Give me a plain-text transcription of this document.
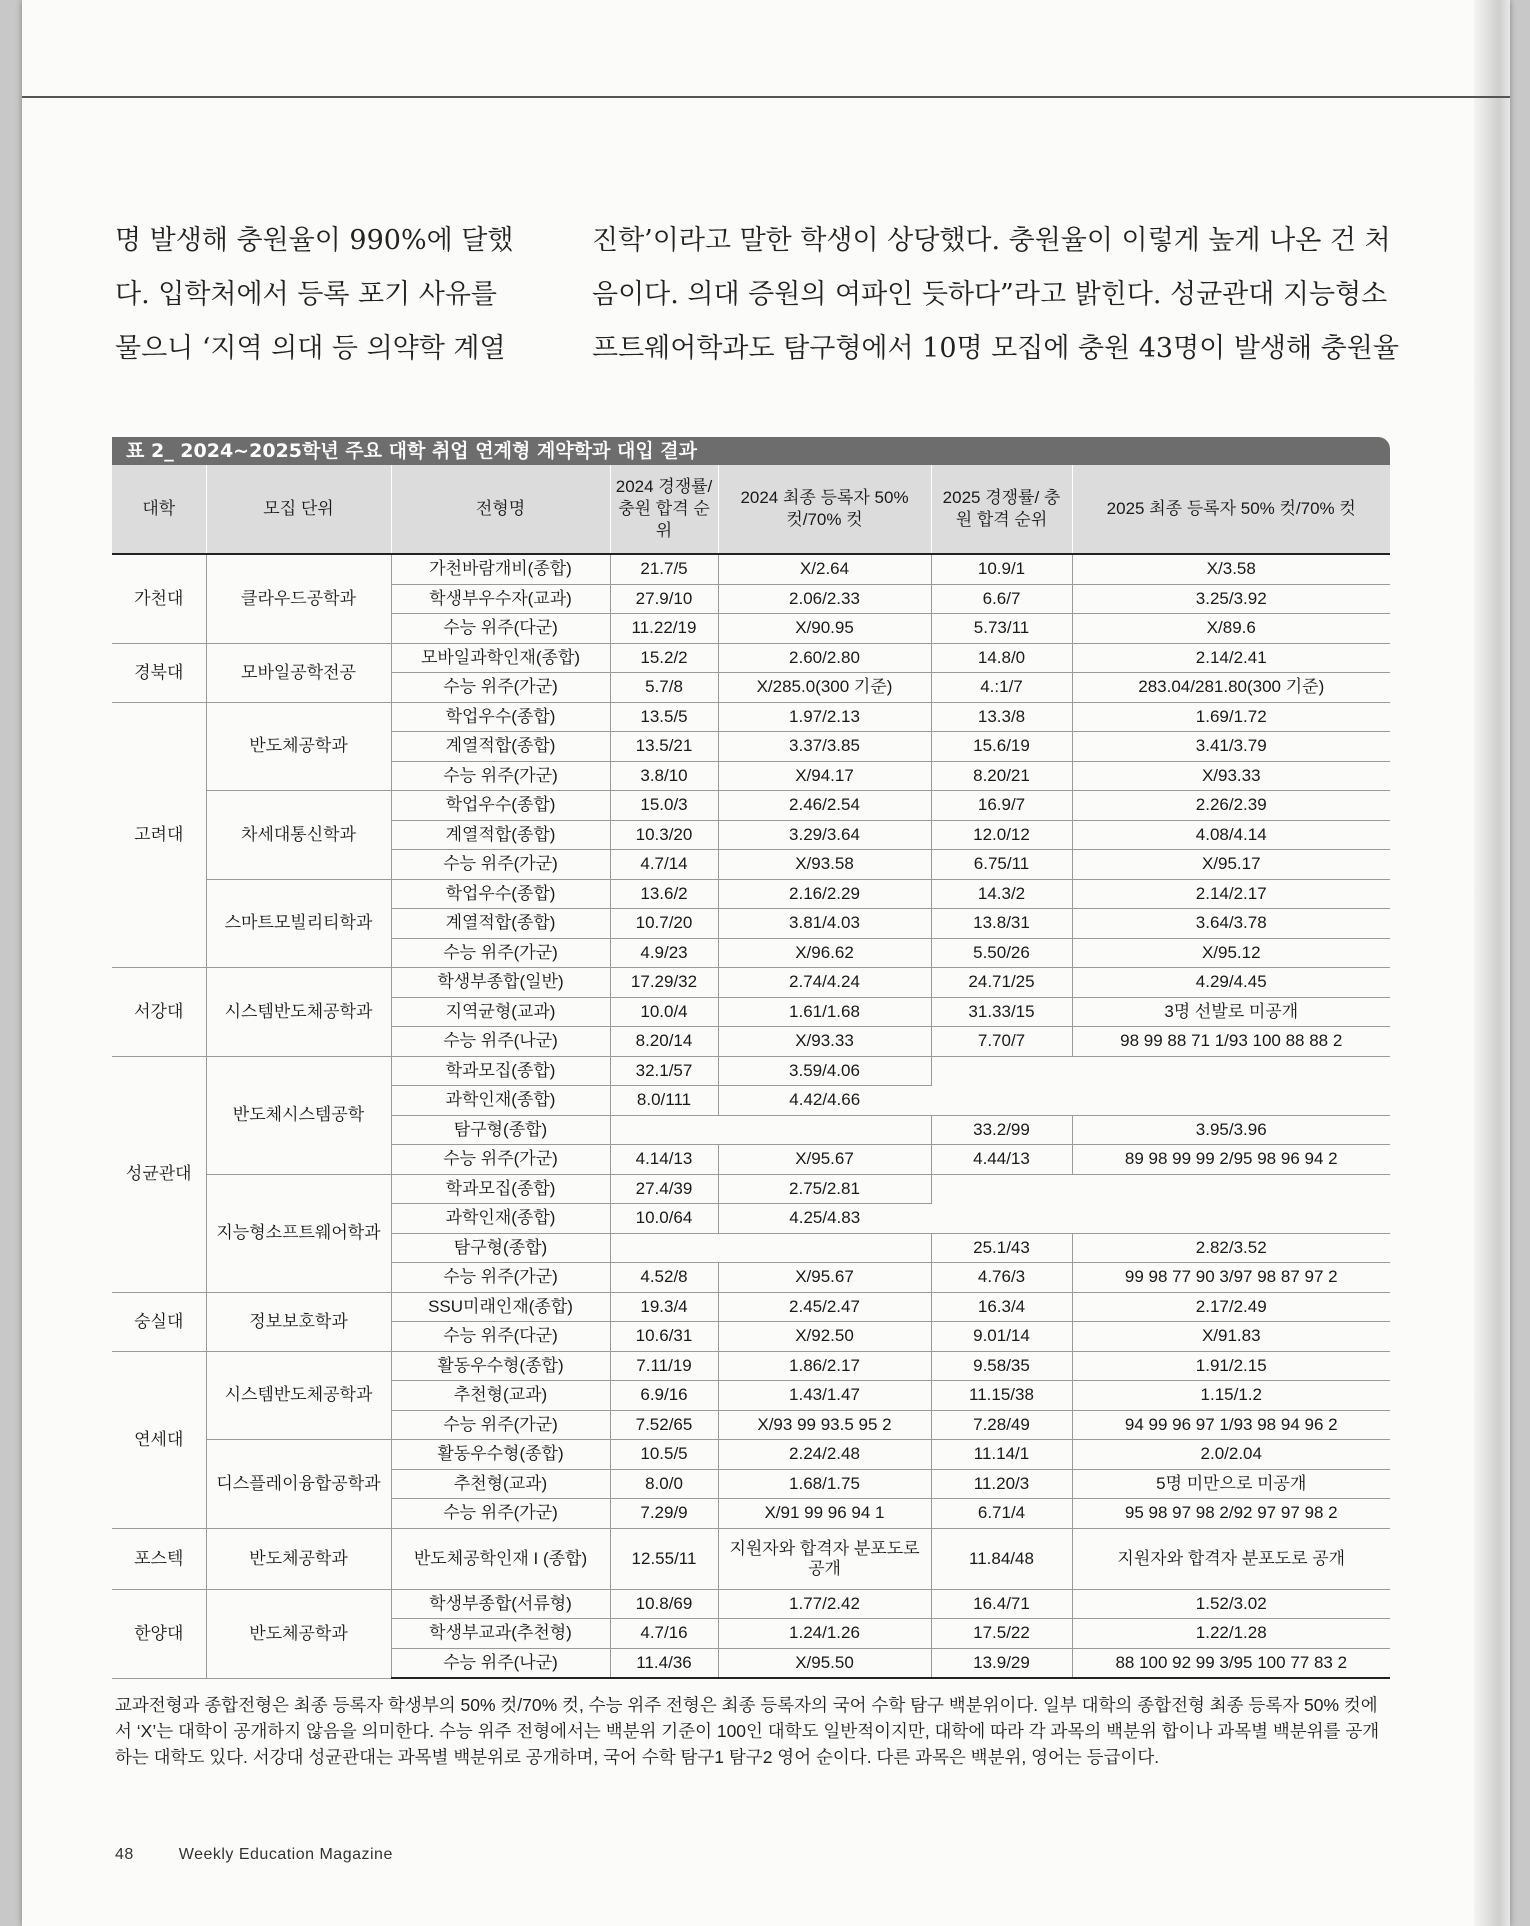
명 발생해 충원율이 990%에 달했
다. 입학처에서 등록 포기 사유를
물으니 ‘지역 의대 등 의약학 계열
진학’이라고 말한 학생이 상당했다. 충원율이 이렇게 높게 나온 건 처
음이다. 의대 증원의 여파인 듯하다”라고 밝힌다. 성균관대 지능형소
프트웨어학과도 탐구형에서 10명 모집에 충원 43명이 발생해 충원율
표 2_ 2024~2025학년 주요 대학 취업 연계형 계약학과 대입 결과
대학	모집 단위	전형명	2024 경쟁률/충원 합격 순위	2024 최종 등록자 50% 컷/70% 컷	2025 경쟁률/ 충원 합격 순위	2025 최종 등록자 50% 컷/70% 컷
가천대	클라우드공학과	가천바람개비(종합)	21.7/5	X/2.64	10.9/1	X/3.58
		학생부우수자(교과)	27.9/10	2.06/2.33	6.6/7	3.25/3.92
		수능 위주(다군)	11.22/19	X/90.95	5.73/11	X/89.6
경북대	모바일공학전공	모바일과학인재(종합)	15.2/2	2.60/2.80	14.8/0	2.14/2.41
		수능 위주(가군)	5.7/8	X/285.0(300 기준)	4.:1/7	283.04/281.80(300 기준)
고려대	반도체공학과	학업우수(종합)	13.5/5	1.97/2.13	13.3/8	1.69/1.72
		계열적합(종합)	13.5/21	3.37/3.85	15.6/19	3.41/3.79
		수능 위주(가군)	3.8/10	X/94.17	8.20/21	X/93.33
	차세대통신학과	학업우수(종합)	15.0/3	2.46/2.54	16.9/7	2.26/2.39
		계열적합(종합)	10.3/20	3.29/3.64	12.0/12	4.08/4.14
		수능 위주(가군)	4.7/14	X/93.58	6.75/11	X/95.17
	스마트모빌리티학과	학업우수(종합)	13.6/2	2.16/2.29	14.3/2	2.14/2.17
		계열적합(종합)	10.7/20	3.81/4.03	13.8/31	3.64/3.78
		수능 위주(가군)	4.9/23	X/96.62	5.50/26	X/95.12
서강대	시스템반도체공학과	학생부종합(일반)	17.29/32	2.74/4.24	24.71/25	4.29/4.45
		지역균형(교과)	10.0/4	1.61/1.68	31.33/15	3명 선발로 미공개
		수능 위주(나군)	8.20/14	X/93.33	7.70/7	98 99 88 71 1/93 100 88 88 2
성균관대	반도체시스템공학	학과모집(종합)	32.1/57	3.59/4.06		
		과학인재(종합)	8.0/111	4.42/4.66		
		탐구형(종합)			33.2/99	3.95/3.96
		수능 위주(가군)	4.14/13	X/95.67	4.44/13	89 98 99 99 2/95 98 96 94 2
	지능형소프트웨어학과	학과모집(종합)	27.4/39	2.75/2.81		
		과학인재(종합)	10.0/64	4.25/4.83		
		탐구형(종합)			25.1/43	2.82/3.52
		수능 위주(가군)	4.52/8	X/95.67	4.76/3	99 98 77 90 3/97 98 87 97 2
숭실대	정보보호학과	SSU미래인재(종합)	19.3/4	2.45/2.47	16.3/4	2.17/2.49
		수능 위주(다군)	10.6/31	X/92.50	9.01/14	X/91.83
연세대	시스템반도체공학과	활동우수형(종합)	7.11/19	1.86/2.17	9.58/35	1.91/2.15
		추천형(교과)	6.9/16	1.43/1.47	11.15/38	1.15/1.2
		수능 위주(가군)	7.52/65	X/93 99 93.5 95 2	7.28/49	94 99 96 97 1/93 98 94 96 2
	디스플레이융합공학과	활동우수형(종합)	10.5/5	2.24/2.48	11.14/1	2.0/2.04
		추천형(교과)	8.0/0	1.68/1.75	11.20/3	5명 미만으로 미공개
		수능 위주(가군)	7.29/9	X/91 99 96 94 1	6.71/4	95 98 97 98 2/92 97 97 98 2
포스텍	반도체공학과	반도체공학인재 I (종합)	12.55/11	지원자와 합격자 분포도로 공개	11.84/48	지원자와 합격자 분포도로 공개
한양대	반도체공학과	학생부종합(서류형)	10.8/69	1.77/2.42	16.4/71	1.52/3.02
		학생부교과(추천형)	4.7/16	1.24/1.26	17.5/22	1.22/1.28
		수능 위주(나군)	11.4/36	X/95.50	13.9/29	88 100 92 99 3/95 100 77 83 2
교과전형과 종합전형은 최종 등록자 학생부의 50% 컷/70% 컷, 수능 위주 전형은 최종 등록자의 국어 수학 탐구 백분위이다. 일부 대학의 종합전형 최종 등록자 50% 컷에서 ‘X’는 대학이 공개하지 않음을 의미한다. 수능 위주 전형에서는 백분위 기준이 100인 대학도 일반적이지만, 대학에 따라 각 과목의 백분위 합이나 과목별 백분위를 공개하는 대학도 있다. 서강대 성균관대는 과목별 백분위로 공개하며, 국어 수학 탐구1 탐구2 영어 순이다. 다른 과목은 백분위, 영어는 등급이다.
48	Weekly Education Magazine
